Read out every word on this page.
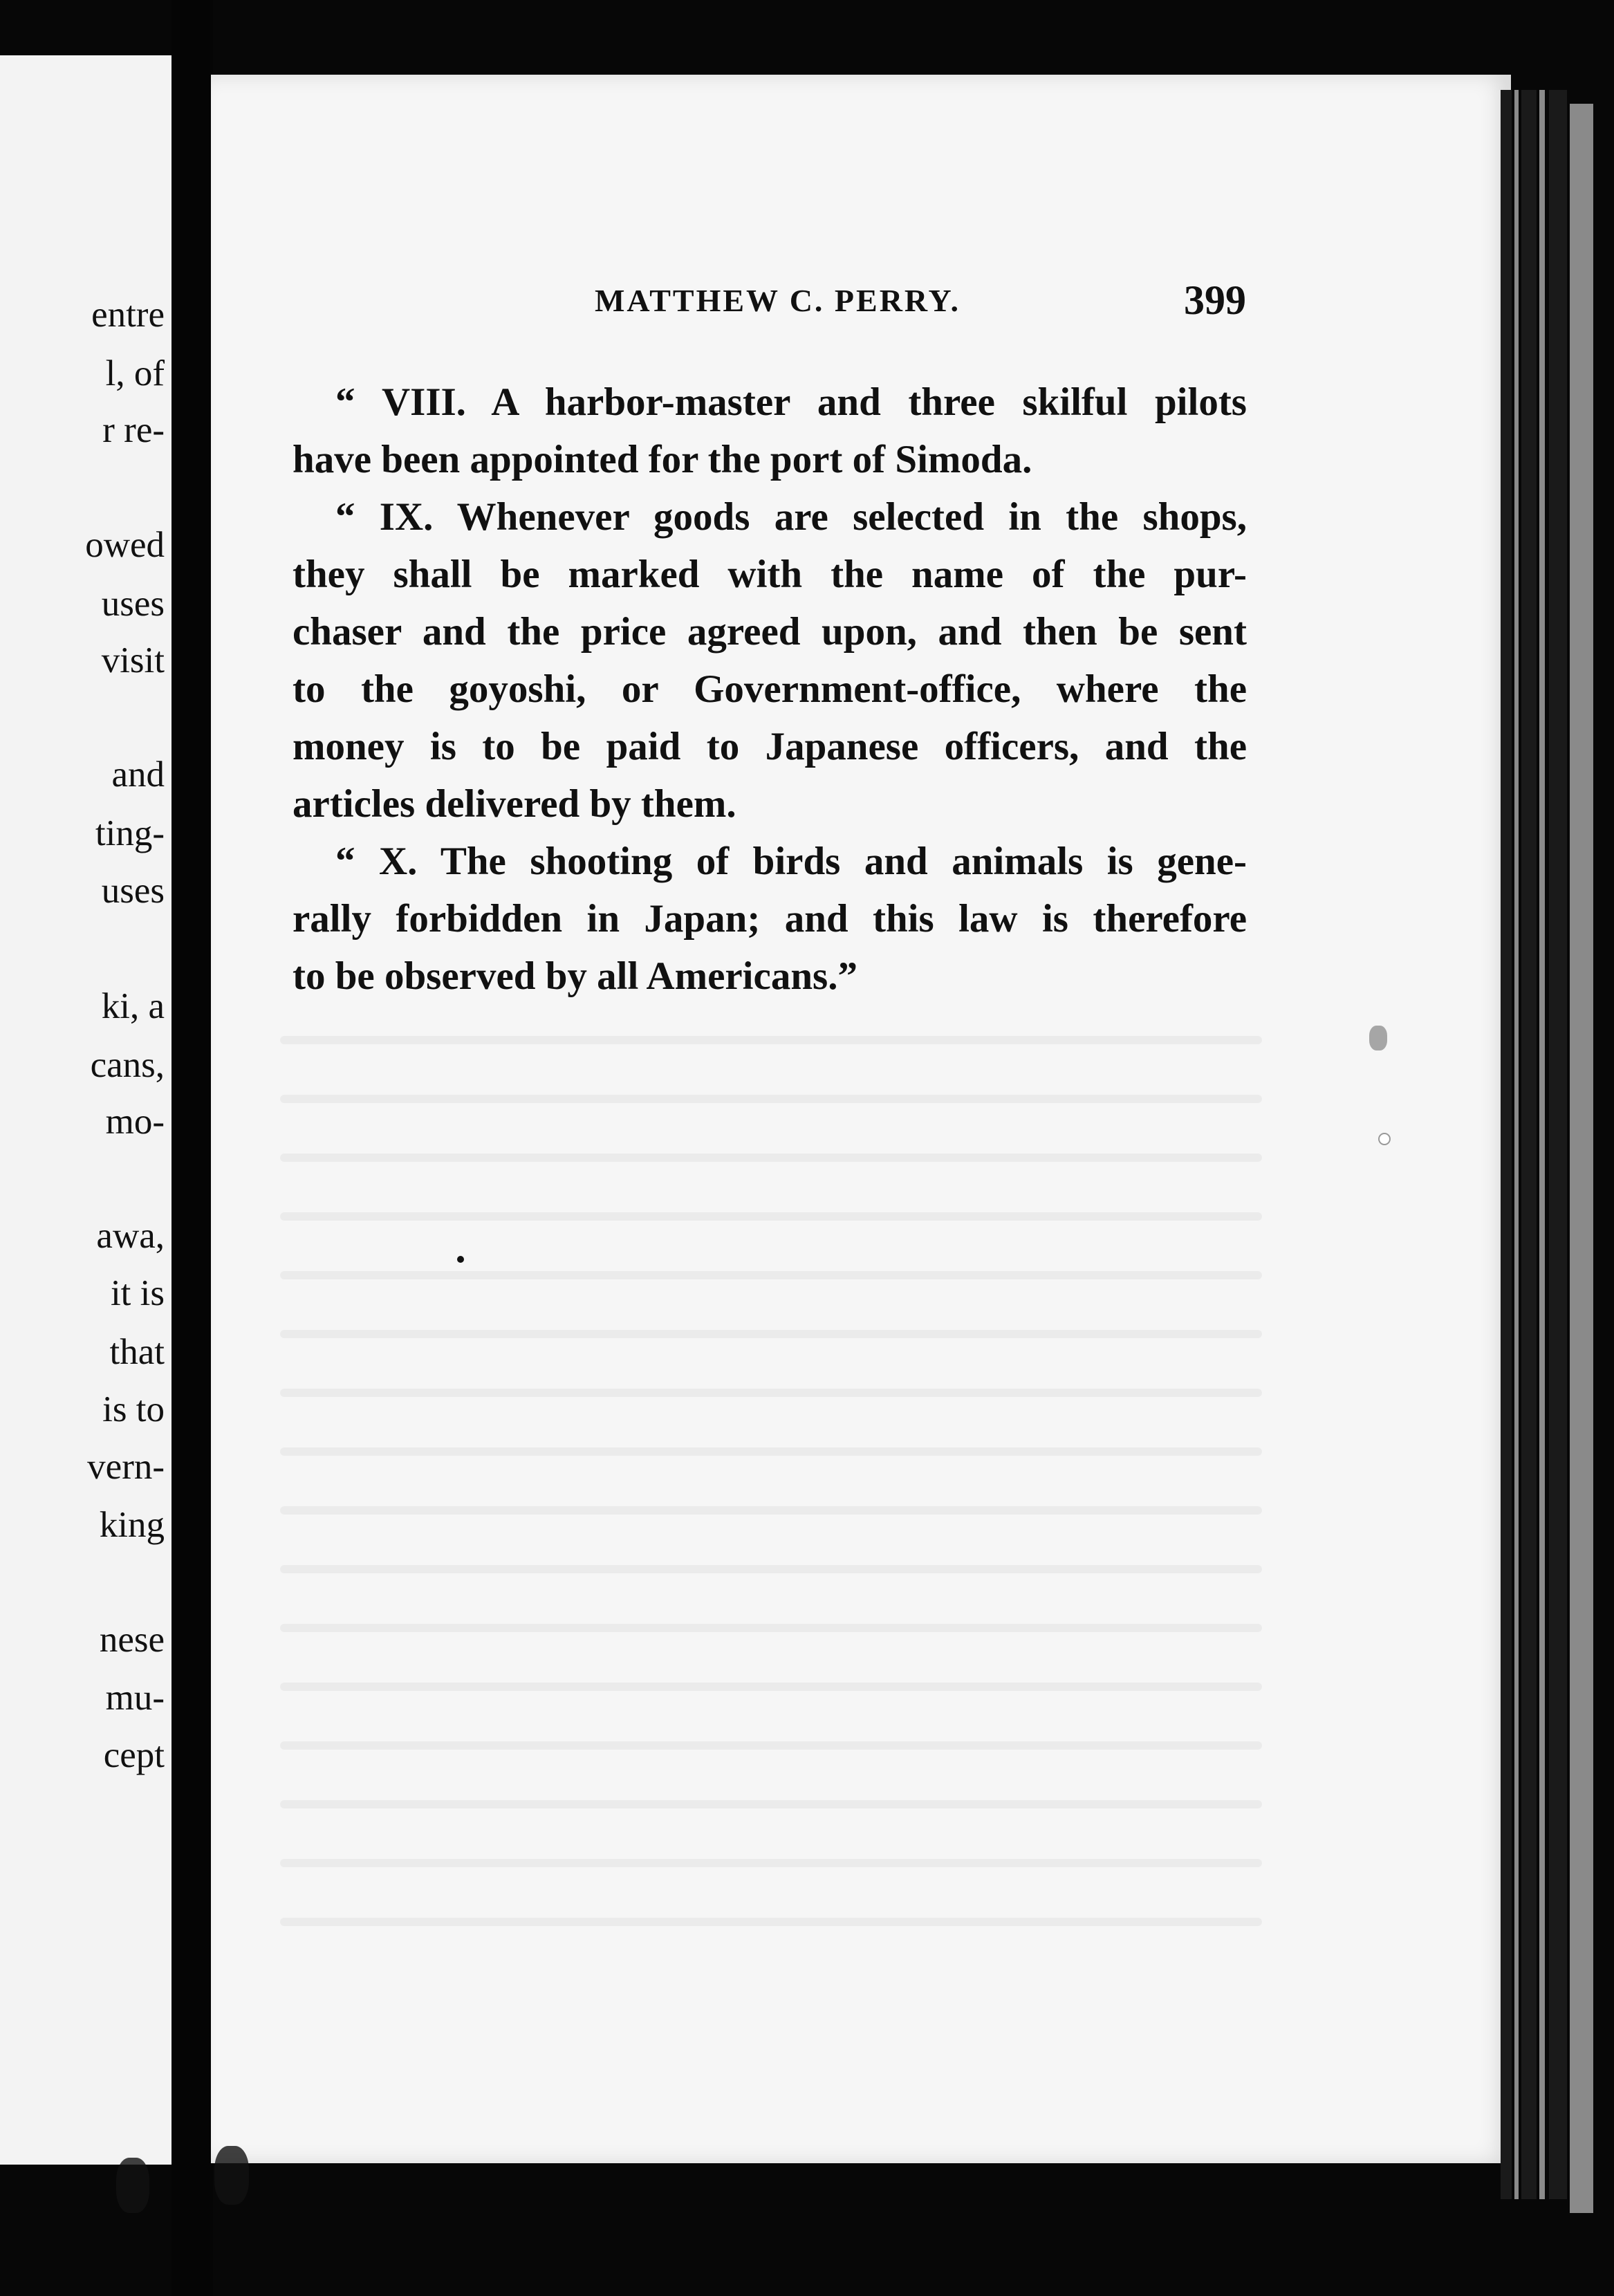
entre
l, of
r re-
owed
uses
visit
and
ting-
uses
ki, a
cans,
mo-
awa,
it is
that
is to
vern-
king
nese
mu-
cept
MATTHEW C. PERRY.	399
“ VIII. A harbor-master and three skilful pilots
have been appointed for the port of Simoda.
“ IX. Whenever goods are selected in the shops,
they shall be marked with the name of the pur-
chaser and the price agreed upon, and then be sent
to the goyoshi, or Government-office, where the
money is to be paid to Japanese officers, and the
articles delivered by them.
“ X. The shooting of birds and animals is gene-
rally forbidden in Japan; and this law is therefore
to be observed by all Americans.”
